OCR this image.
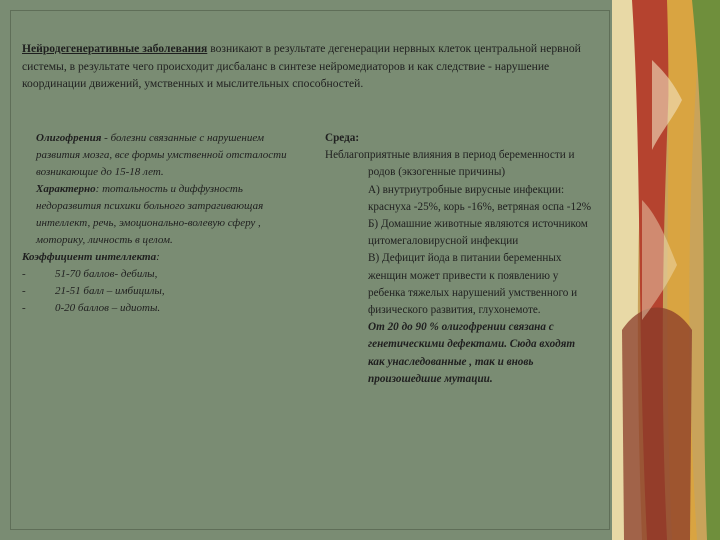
Нейродегенеративные заболевания возникают в результате дегенерации нервных клеток центральной нервной системы, в результате чего происходит дисбаланс в синтезе нейромедиаторов и как следствие - нарушение координации движений, умственных и мыслительных способностей.

Олигофрения - болезни связанные с нарушением развития мозга, все формы умственной отсталости возникающие до 15-18 лет.

Характерно: тотальность и диффузность недоразвития психики больного затрагивающая интеллект, речь, эмоционально-волевую сферу , моторику, личность в целом.

Коэффициент интеллекта:

-	51-70 баллов- дебилы,
-	21-51 балл – имбицилы,
-	0-20 баллов – идиоты.

Среда:

Неблагоприятные влияния в период беременности и родов (экзогенные причины)

А) внутриутробные вирусные инфекции: краснуха -25%, корь -16%, ветряная оспа -12%

Б) Домашние животные являются источником цитомегаловирусной инфекции

В) Дефицит йода в питании беременных женщин может привести к появлению у ребенка тяжелых нарушений умственного и физического развития, глухонемоте.

От 20 до 90 % олигофрении связана с генетическими дефектами. Сюда входят как унаследованные , так и вновь произошедшие мутации.
